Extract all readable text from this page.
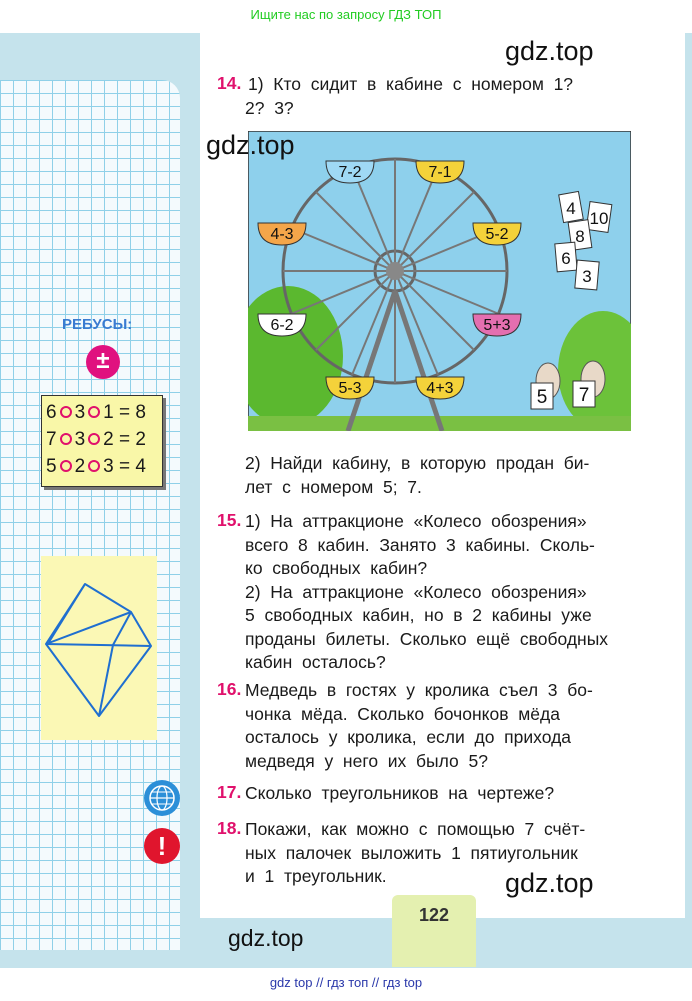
Ищите нас по запросу ГДЗ ТОП
122
РЕБУСЫ:
±
6 3 1 = 8
7 3 2 = 2
5 2 3 = 4
!
7-2	7-1
4-3	5-2
6-2	5+3
5-3	4+3
4
10
8
6
3
5 7
14. 1)  Кто  сидит  в  кабине  с  номером  1?
2?  3?
2)  Найди  кабину,  в  которую  продан  би-
лет  с  номером  5;  7.
15. 1)  На  аттракционе  «Колесо  обозрения»
всего  8  кабин.  Занято  3  кабины.  Сколь-
ко  свободных  кабин?
2)  На  аттракционе  «Колесо  обозрения»
5  свободных  кабин,  но  в  2  кабины  уже
проданы  билеты.  Сколько  ещё  свободных
кабин  осталось?
16. Медведь  в  гостях  у  кролика  съел  3  бо-
чонка  мёда.  Сколько  бочонков  мёда
осталось  у  кролика,  если  до  прихода
медведя  у  него  их  было  5?
17. Сколько  треугольников  на  чертеже?
18. Покажи,  как  можно  с  помощью  7  счёт-
ных  палочек  выложить  1  пятиугольник
и  1  треугольник.
gdz.top
gdz.top
gdz.top
gdz.top
gdz top // гдз топ // гдз top
